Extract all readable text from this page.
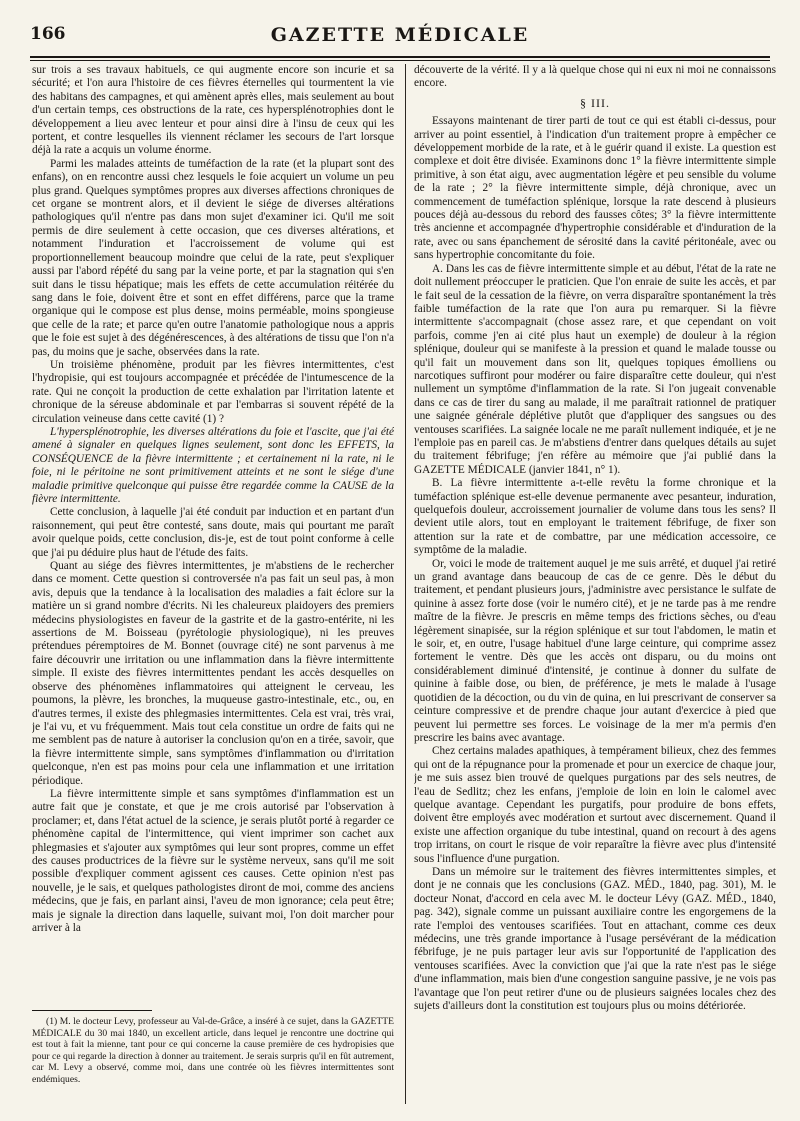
166	GAZETTE MÉDICALE

sur trois a ses travaux habituels, ce qui augmente encore son incurie et sa sécurité; et l'on aura l'histoire de ces fièvres éternelles qui tourmentent la vie des habitans des campagnes, et qui amènent après elles, mais seulement au bout d'un certain temps, ces obstructions de la rate, ces hypersplénotrophies dont le développement a lieu avec lenteur et pour ainsi dire à l'insu de ceux qui les portent, et contre lesquelles ils viennent réclamer les secours de l'art lorsque déjà la rate a acquis un volume énorme.

Parmi les malades atteints de tuméfaction de la rate (et la plupart sont des enfans), on en rencontre aussi chez lesquels le foie acquiert un volume un peu plus grand. Quelques symptômes propres aux diverses affections chroniques de cet organe se montrent alors, et il devient le siége de diverses altérations pathologiques qu'il n'entre pas dans mon sujet d'examiner ici. Qu'il me soit permis de dire seulement à cette occasion, que ces diverses altérations, et notamment l'induration et l'accroissement de volume qui est proportionnellement beaucoup moindre que celui de la rate, peut s'expliquer aussi par l'abord répété du sang par la veine porte, et par la stagnation qui s'en suit dans le tissu hépatique; mais les effets de cette accumulation réitérée du sang dans le foie, doivent être et sont en effet différens, parce que la trame organique qui le compose est plus dense, moins perméable, moins spongieuse que celle de la rate; et parce qu'en outre l'anatomie pathologique nous a appris que le foie est sujet à des dégénérescences, à des altérations de tissu que l'on n'a pas, du moins que je sache, observées dans la rate.

Un troisième phénomène, produit par les fièvres intermittentes, c'est l'hydropisie, qui est toujours accompagnée et précédée de l'intumescence de la rate. Qui ne conçoit la production de cette exhalation par l'irritation latente et chronique de la séreuse abdominale et par l'embarras si souvent répété de la circulation veineuse dans cette cavité (1) ?

L'hypersplénotrophie, les diverses altérations du foie et l'ascite, que j'ai été amené à signaler en quelques lignes seulement, sont donc les EFFETS, la CONSÉQUENCE de la fièvre intermittente ; et certainement ni la rate, ni le foie, ni le péritoine ne sont primitivement atteints et ne sont le siége d'une maladie primitive quelconque qui puisse être regardée comme la CAUSE de la fièvre intermittente.

Cette conclusion, à laquelle j'ai été conduit par induction et en partant d'un raisonnement, qui peut être contesté, sans doute, mais qui pourtant me paraît avoir quelque poids, cette conclusion, dis-je, est de tout point conforme à celle que j'ai pu déduire plus haut de l'étude des faits.

Quant au siége des fièvres intermittentes, je m'abstiens de le rechercher dans ce moment. Cette question si controversée n'a pas fait un seul pas, à mon avis, depuis que la tendance à la localisation des maladies a fait éclore sur la matière un si grand nombre d'écrits. Ni les chaleureux plaidoyers des premiers médecins physiologistes en faveur de la gastrite et de la gastro-entérite, ni les assertions de M. Boisseau (pyrétologie physiologique), ni les preuves prétendues péremptoires de M. Bonnet (ouvrage cité) ne sont parvenus à me faire découvrir une irritation ou une inflammation dans la fièvre intermittente simple. Il existe des fièvres intermittentes pendant les accès desquelles on observe des phénomènes inflammatoires qui atteignent le cerveau, les poumons, la plèvre, les bronches, la muqueuse gastro-intestinale, etc., ou, en d'autres termes, il existe des phlegmasies intermittentes. Cela est vrai, très vrai, je l'ai vu, et vu fréquemment. Mais tout cela constitue un ordre de faits qui ne me semblent pas de nature à autoriser la conclusion qu'on en a tirée, savoir, que la fièvre intermittente simple, sans symptômes d'inflammation ou d'irritation quelconque, n'en est pas moins pour cela une inflammation et une irritation périodique.

La fièvre intermittente simple et sans symptômes d'inflammation est un autre fait que je constate, et que je me crois autorisé par l'observation à proclamer; et, dans l'état actuel de la science, je serais plutôt porté à regarder ce phénomène capital de l'intermittence, qui vient imprimer son cachet aux phlegmasies et s'ajouter aux symptômes qui leur sont propres, comme un effet des causes productrices de la fièvre sur le système nerveux, sans qu'il me soit possible d'expliquer comment agissent ces causes. Cette opinion n'est pas nouvelle, je le sais, et quelques pathologistes diront de moi, comme des anciens médecins, que je fais, en parlant ainsi, l'aveu de mon ignorance; cela peut être; mais je signale la direction dans laquelle, suivant moi, l'on doit marcher pour arriver à la

découverte de la vérité. Il y a là quelque chose qui ni eux ni moi ne connaissons encore.

§ III.

Essayons maintenant de tirer parti de tout ce qui est établi ci-dessus, pour arriver au point essentiel, à l'indication d'un traitement propre à empêcher ce développement morbide de la rate, et à le guérir quand il existe. La question est complexe et doit être divisée. Examinons donc 1° la fièvre intermittente simple primitive, à son état aigu, avec augmentation légère et peu sensible du volume de la rate ; 2° la fièvre intermittente simple, déjà chronique, avec un commencement de tuméfaction splénique, lorsque la rate descend à plusieurs pouces déjà au-dessous du rebord des fausses côtes; 3° la fièvre intermittente très ancienne et accompagnée d'hypertrophie considérable et d'induration de la rate, avec ou sans épanchement de sérosité dans la cavité péritonéale, avec ou sans hypertrophie concomitante du foie.

A. Dans les cas de fièvre intermittente simple et au début, l'état de la rate ne doit nullement préoccuper le praticien. Que l'on enraie de suite les accès, et par le fait seul de la cessation de la fièvre, on verra disparaître spontanément la très faible tuméfaction de la rate que l'on aura pu remarquer. Si la fièvre intermittente s'accompagnait (chose assez rare, et que cependant on voit parfois, comme j'en ai cité plus haut un exemple) de douleur à la région splénique, douleur qui se manifeste à la pression et quand le malade tousse ou qu'il fait un mouvement dans son lit, quelques topiques émolliens ou narcotiques suffiront pour modérer ou faire disparaître cette douleur, qui n'est nullement un symptôme d'inflammation de la rate. Si l'on jugeait convenable dans ce cas de tirer du sang au malade, il me paraîtrait rationnel de pratiquer une saignée générale déplétive plutôt que d'appliquer des sangsues ou des ventouses scarifiées. La saignée locale ne me paraît nullement indiquée, et je ne l'emploie pas en pareil cas. Je m'abstiens d'entrer dans quelques détails au sujet du traitement fébrifuge; j'en réfère au mémoire que j'ai publié dans la GAZETTE MÉDICALE (janvier 1841, n° 1).

B. La fièvre intermittente a-t-elle revêtu la forme chronique et la tuméfaction splénique est-elle devenue permanente avec pesanteur, induration, quelquefois douleur, accroissement journalier de volume dans tous les sens? Il devient utile alors, tout en employant le traitement fébrifuge, de fixer son attention sur la rate et de combattre, par une médication accessoire, ce symptôme de la maladie.

Or, voici le mode de traitement auquel je me suis arrêté, et duquel j'ai retiré un grand avantage dans beaucoup de cas de ce genre. Dès le début du traitement, et pendant plusieurs jours, j'administre avec persistance le sulfate de quinine à assez forte dose (voir le numéro cité), et je ne tarde pas à me rendre maître de la fièvre. Je prescris en même temps des frictions sèches, ou d'eau légèrement sinapisée, sur la région splénique et sur tout l'abdomen, le matin et le soir, et, en outre, l'usage habituel d'une large ceinture, qui comprime assez fortement le ventre. Dès que les accès ont disparu, ou du moins ont considérablement diminué d'intensité, je continue à donner du sulfate de quinine à faible dose, ou bien, de préférence, je mets le malade à l'usage quotidien de la décoction, ou du vin de quina, en lui prescrivant de conserver sa ceinture compressive et de prendre chaque jour autant d'exercice à pied que peuvent lui permettre ses forces. Le voisinage de la mer m'a permis d'en prescrire les bains avec avantage.

Chez certains malades apathiques, à tempérament bilieux, chez des femmes qui ont de la répugnance pour la promenade et pour un exercice de chaque jour, je me suis assez bien trouvé de quelques purgations par des sels neutres, de l'eau de Sedlitz; chez les enfans, j'emploie de loin en loin le calomel avec quelque avantage. Cependant les purgatifs, pour produire de bons effets, doivent être employés avec modération et surtout avec discernement. Quand il existe une affection organique du tube intestinal, quand on recourt à des agens trop irritans, on court le risque de voir reparaître la fièvre avec plus d'intensité sous l'influence d'une purgation.

Dans un mémoire sur le traitement des fièvres intermittentes simples, et dont je ne connais que les conclusions (GAZ. MÉD., 1840, pag. 301), M. le docteur Nonat, d'accord en cela avec M. le docteur Lévy (GAZ. MÉD., 1840, pag. 342), signale comme un puissant auxiliaire contre les engorgemens de la rate l'emploi des ventouses scarifiées. Tout en attachant, comme ces deux médecins, une très grande importance à l'usage persévérant de la médication fébrifuge, je ne puis partager leur avis sur l'opportunité de l'application des ventouses scarifiées. Avec la conviction que j'ai que la rate n'est pas le siége d'une inflammation, mais bien d'une congestion sanguine passive, je ne vois pas l'avantage que l'on peut retirer d'une ou de plusieurs saignées locales chez des sujets d'ailleurs dont la constitution est toujours plus ou moins détériorée.

(1) M. le docteur Levy, professeur au Val-de-Grâce, a inséré à ce sujet, dans la GAZETTE MÉDICALE du 30 mai 1840, un excellent article, dans lequel je rencontre une doctrine qui est tout à fait la mienne, tant pour ce qui concerne la cause première de ces hydropisies que pour ce qui regarde la direction à donner au traitement. Je serais surpris qu'il en fût autrement, car M. Levy a observé, comme moi, dans une contrée où les fièvres intermittentes sont endémiques.
